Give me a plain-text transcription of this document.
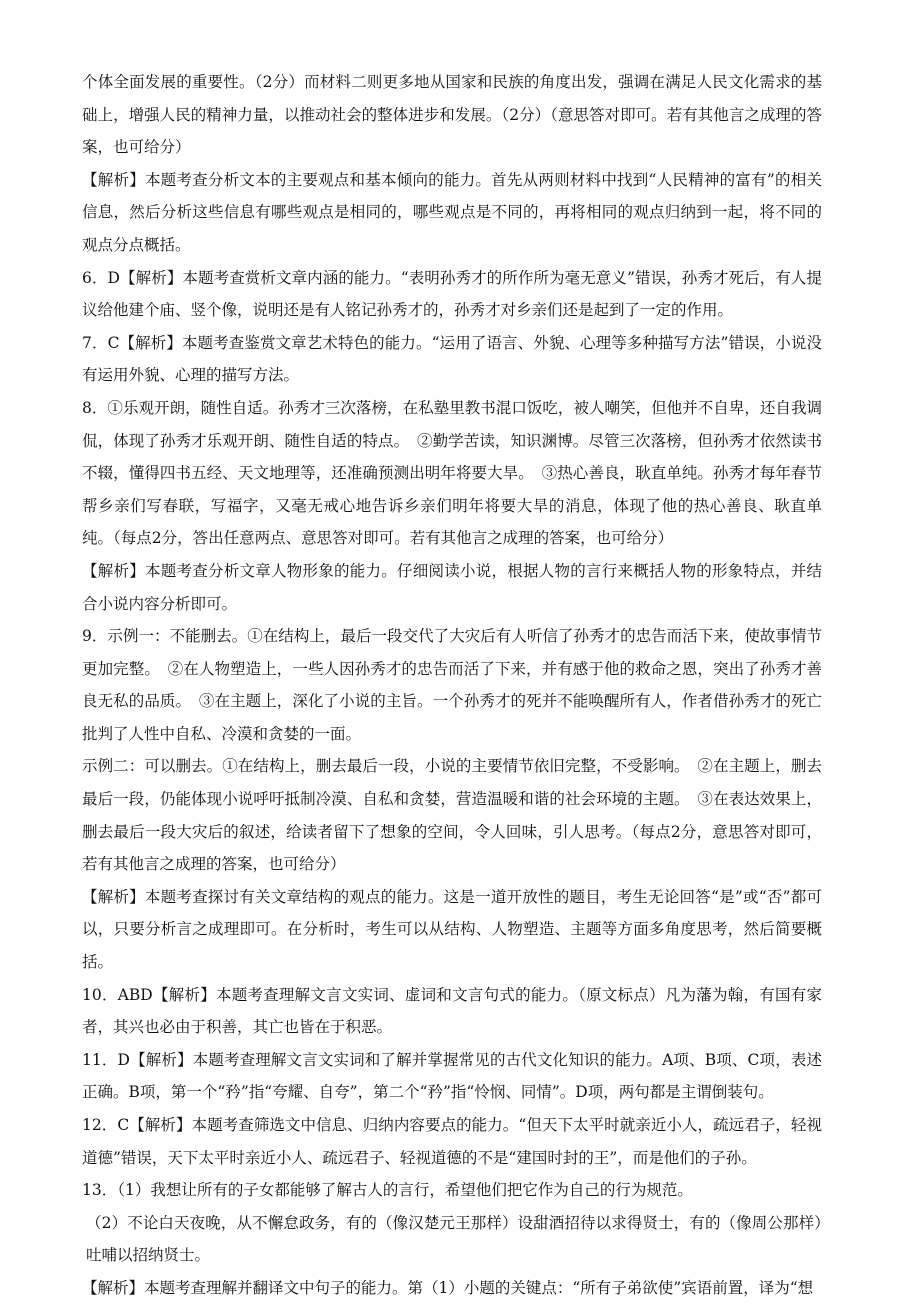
个体全面发展的重要性。（2分）而材料二则更多地从国家和民族的角度出发，强调在满足人民文化需求的基础上，增强人民的精神力量，以推动社会的整体进步和发展。（2分）（意思答对即可。若有其他言之成理的答案，也可给分）

【解析】本题考查分析文本的主要观点和基本倾向的能力。首先从两则材料中找到“人民精神的富有”的相关信息，然后分析这些信息有哪些观点是相同的，哪些观点是不同的，再将相同的观点归纳到一起，将不同的观点分点概括。

6．D【解析】本题考查赏析文章内涵的能力。“表明孙秀才的所作所为毫无意义”错误，孙秀才死后，有人提议给他建个庙、竖个像，说明还是有人铭记孙秀才的，孙秀才对乡亲们还是起到了一定的作用。

7．C【解析】本题考查鉴赏文章艺术特色的能力。“运用了语言、外貌、心理等多种描写方法”错误，小说没有运用外貌、心理的描写方法。

8．①乐观开朗，随性自适。孙秀才三次落榜，在私塾里教书混口饭吃，被人嘲笑，但他并不自卑，还自我调侃，体现了孙秀才乐观开朗、随性自适的特点。　②勤学苦读，知识渊博。尽管三次落榜，但孙秀才依然读书不辍，懂得四书五经、天文地理等，还准确预测出明年将要大旱。　③热心善良，耿直单纯。孙秀才每年春节帮乡亲们写春联，写福字，又毫无戒心地告诉乡亲们明年将要大旱的消息，体现了他的热心善良、耿直单纯。（每点2分，答出任意两点、意思答对即可。若有其他言之成理的答案，也可给分）

【解析】本题考查分析文章人物形象的能力。仔细阅读小说，根据人物的言行来概括人物的形象特点，并结合小说内容分析即可。

9．示例一：不能删去。①在结构上，最后一段交代了大灾后有人听信了孙秀才的忠告而活下来，使故事情节更加完整。　②在人物塑造上，一些人因孙秀才的忠告而活了下来，并有感于他的救命之恩，突出了孙秀才善良无私的品质。　③在主题上，深化了小说的主旨。一个孙秀才的死并不能唤醒所有人，作者借孙秀才的死亡批判了人性中自私、冷漠和贪婪的一面。

示例二：可以删去。①在结构上，删去最后一段，小说的主要情节依旧完整，不受影响。　②在主题上，删去最后一段，仍能体现小说呼吁抵制冷漠、自私和贪婪，营造温暖和谐的社会环境的主题。　③在表达效果上，删去最后一段大灾后的叙述，给读者留下了想象的空间，令人回味，引人思考。（每点2分，意思答对即可，若有其他言之成理的答案，也可给分）

【解析】本题考查探讨有关文章结构的观点的能力。这是一道开放性的题目，考生无论回答“是”或“否”都可以，只要分析言之成理即可。在分析时，考生可以从结构、人物塑造、主题等方面多角度思考，然后简要概括。

10．ABD【解析】本题考查理解文言文实词、虚词和文言句式的能力。（原文标点）凡为藩为翰，有国有家者，其兴也必由于积善，其亡也皆在于积恶。

11．D【解析】本题考查理解文言文实词和了解并掌握常见的古代文化知识的能力。A项、B项、C项，表述正确。B项，第一个“矜”指“夸耀、自夸”，第二个“矜”指“怜悯、同情”。D项，两句都是主谓倒装句。

12．C【解析】本题考查筛选文中信息、归纳内容要点的能力。“但天下太平时就亲近小人，疏远君子，轻视道德”错误，天下太平时亲近小人、疏远君子、轻视道德的不是“建国时封的王”，而是他们的子孙。

13．（1）我想让所有的子女都能够了解古人的言行，希望他们把它作为自己的行为规范。

（2）不论白天夜晚，从不懈怠政务，有的（像汉楚元王那样）设甜酒招待以求得贤士，有的（像周公那样）吐哺以招纳贤士。

【解析】本题考查理解并翻译文中句子的能力。第（1）小题的关键点：“所有子弟欲使”宾语前置，译为“想
